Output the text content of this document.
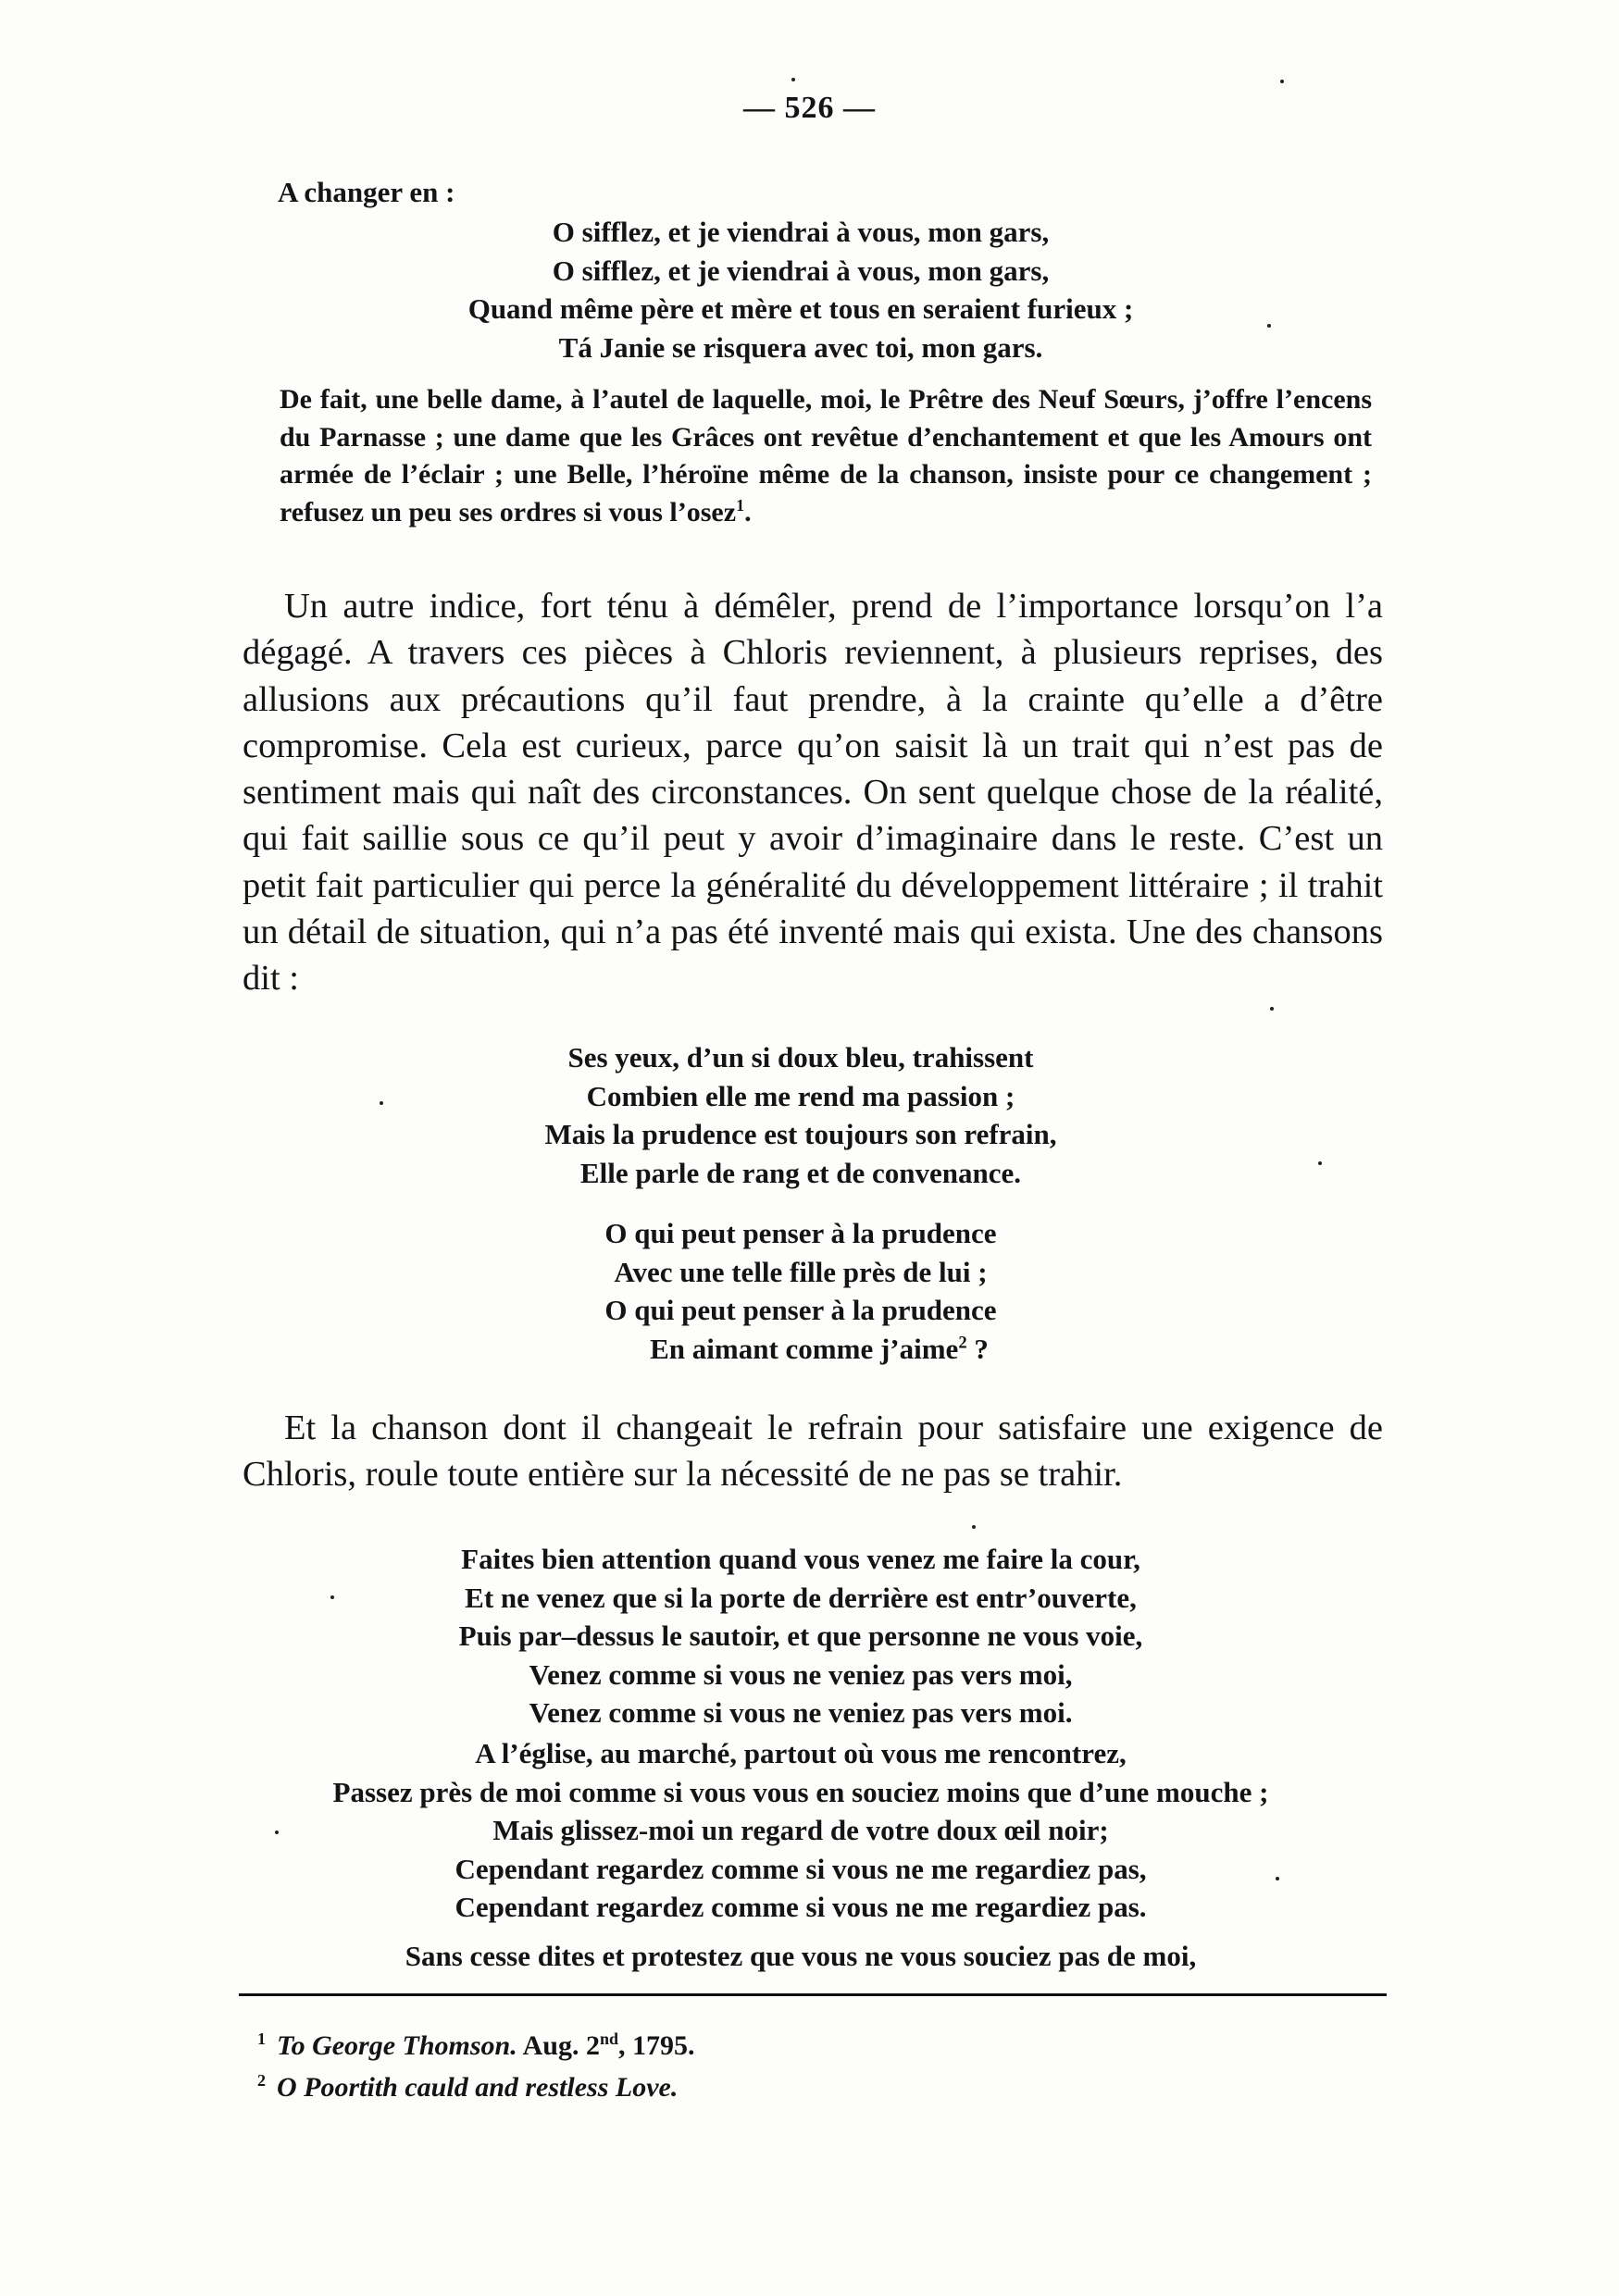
— 526 —
A changer en :

O sifflez, et je viendrai à vous, mon gars,

O sifflez, et je viendrai à vous, mon gars,

Quand même père et mère et tous en seraient furieux ;

Tá Janie se risquera avec toi, mon gars.

De fait, une belle dame, à l’autel de laquelle, moi, le Prêtre des Neuf Sœurs, j’offre l’encens du Parnasse ; une dame que les Grâces ont revêtue d’enchantement et que les Amours ont armée de l’éclair ; une Belle, l’héroïne même de la chanson, insiste pour ce changement ; refusez un peu ses ordres si vous l’osez$^1$.

Un autre indice, fort ténu à démêler, prend de l’importance lorsqu’on l’a dégagé. A travers ces pièces à Chloris reviennent, à plusieurs reprises, des allusions aux précautions qu’il faut prendre, à la crainte qu’elle a d’être compromise. Cela est curieux, parce qu’on saisit là un trait qui n’est pas de sentiment mais qui naît des circonstances. On sent quelque chose de la réalité, qui fait saillie sous ce qu’il peut y avoir d’imaginaire dans le reste. C’est un petit fait particulier qui perce la généralité du développement littéraire ; il trahit un détail de situation, qui n’a pas été inventé mais qui exista. Une des chansons dit :

Ses yeux, d’un si doux bleu, trahissent

Combien elle me rend ma passion ;

Mais la prudence est toujours son refrain,

Elle parle de rang et de convenance.

O qui peut penser à la prudence

Avec une telle fille près de lui ;

O qui peut penser à la prudence

En aimant comme j’aime$^2$ ?

Et la chanson dont il changeait le refrain pour satisfaire une exigence de Chloris, roule toute entière sur la nécessité de ne pas se trahir.

Faites bien attention quand vous venez me faire la cour,

Et ne venez que si la porte de derrière est entr’ouverte,

Puis par–dessus le sautoir, et que personne ne vous voie,

Venez comme si vous ne veniez pas vers moi,

Venez comme si vous ne veniez pas vers moi.

A l’église, au marché, partout où vous me rencontrez,

Passez près de moi comme si vous vous en souciez moins que d’une mouche ;

Mais glissez-moi un regard de votre doux œil noir;

Cependant regardez comme si vous ne me regardiez pas,

Cependant regardez comme si vous ne me regardiez pas.

Sans cesse dites et protestez que vous ne vous souciez pas de moi,

$^1$ To George Thomson. Aug. 2nd, 1795.
$^2$ O Poortith cauld and restless Love.
